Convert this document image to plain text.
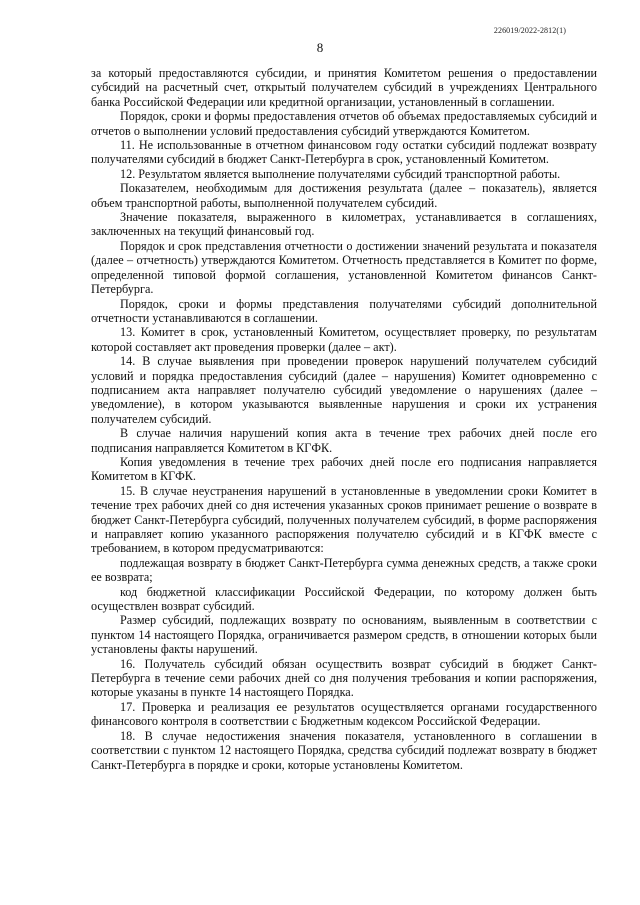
226019/2022-2812(1)
8

за который предоставляются субсидии, и принятия Комитетом решения о предоставлении субсидий на расчетный счет, открытый получателем субсидий в учреждениях Центрального банка Российской Федерации или кредитной организации, установленный в соглашении.

Порядок, сроки и формы предоставления отчетов об объемах предоставляемых субсидий и отчетов о выполнении условий предоставления субсидий утверждаются Комитетом.

11. Не использованные в отчетном финансовом году остатки субсидий подлежат возврату получателями субсидий в бюджет Санкт-Петербурга в срок, установленный Комитетом.

12. Результатом является выполнение получателями субсидий транспортной работы.

Показателем, необходимым для достижения результата (далее – показатель), является объем транспортной работы, выполненной получателем субсидий.

Значение показателя, выраженного в километрах, устанавливается в соглашениях, заключенных на текущий финансовый год.

Порядок и срок представления отчетности о достижении значений результата и показателя (далее – отчетность) утверждаются Комитетом. Отчетность представляется в Комитет по форме, определенной типовой формой соглашения, установленной Комитетом финансов Санкт-Петербурга.

Порядок, сроки и формы представления получателями субсидий дополнительной отчетности устанавливаются в соглашении.

13. Комитет в срок, установленный Комитетом, осуществляет проверку, по результатам которой составляет акт проведения проверки (далее – акт).

14. В случае выявления при проведении проверок нарушений получателем субсидий условий и порядка предоставления субсидий (далее – нарушения) Комитет одновременно с подписанием акта направляет получателю субсидий уведомление о нарушениях (далее – уведомление), в котором указываются выявленные нарушения и сроки их устранения получателем субсидий.

В случае наличия нарушений копия акта в течение трех рабочих дней после его подписания направляется Комитетом в КГФК.

Копия уведомления в течение трех рабочих дней после его подписания направляется Комитетом в КГФК.

15. В случае неустранения нарушений в установленные в уведомлении сроки Комитет в течение трех рабочих дней со дня истечения указанных сроков принимает решение о возврате в бюджет Санкт-Петербурга субсидий, полученных получателем субсидий, в форме распоряжения и направляет копию указанного распоряжения получателю субсидий и в КГФК вместе с требованием, в котором предусматриваются:

подлежащая возврату в бюджет Санкт-Петербурга сумма денежных средств, а также сроки ее возврата;

код бюджетной классификации Российской Федерации, по которому должен быть осуществлен возврат субсидий.

Размер субсидий, подлежащих возврату по основаниям, выявленным в соответствии с пунктом 14 настоящего Порядка, ограничивается размером средств, в отношении которых были установлены факты нарушений.

16. Получатель субсидий обязан осуществить возврат субсидий в бюджет Санкт-Петербурга в течение семи рабочих дней со дня получения требования и копии распоряжения, которые указаны в пункте 14 настоящего Порядка.

17. Проверка и реализация ее результатов осуществляется органами государственного финансового контроля в соответствии с Бюджетным кодексом Российской Федерации.

18. В случае недостижения значения показателя, установленного в соглашении в соответствии с пунктом 12 настоящего Порядка, средства субсидий подлежат возврату в бюджет Санкт-Петербурга в порядке и сроки, которые установлены Комитетом.
